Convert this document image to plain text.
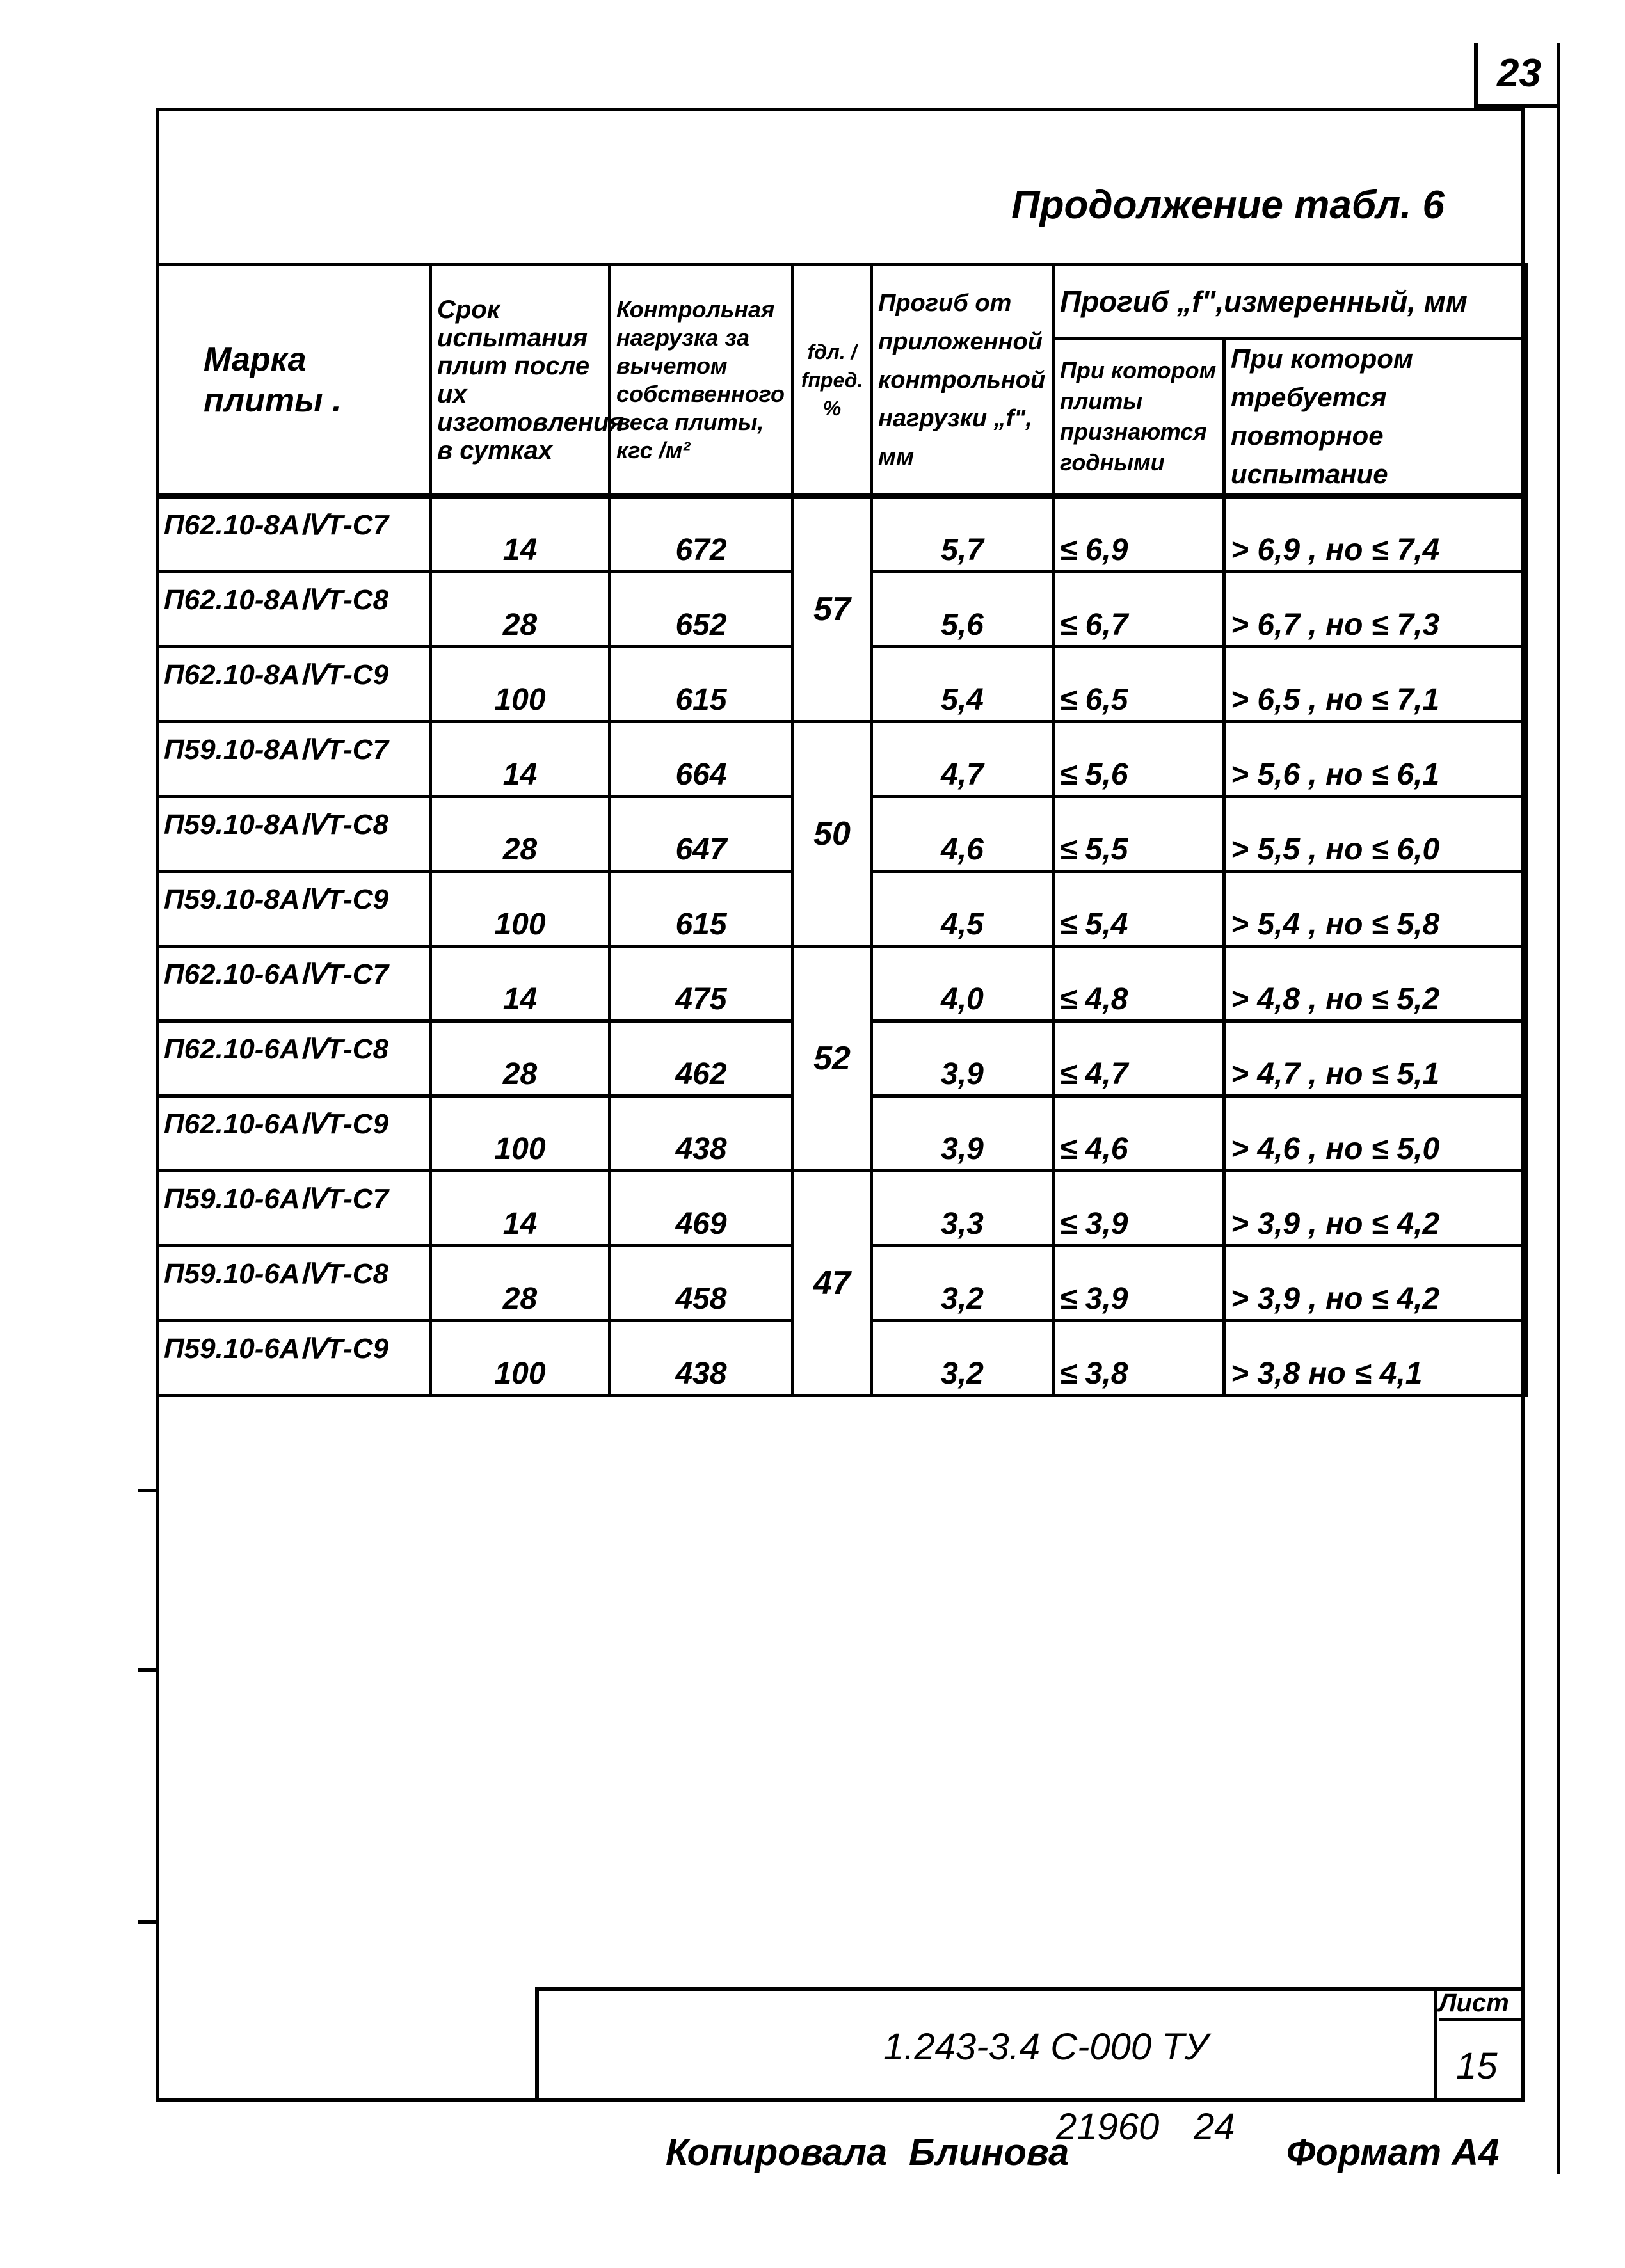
23
Продолжение табл. 6
Марка плиты .	Срок испытания плит после их изготовления в сутках	Контрольная нагрузка за вычетом собственного веса плиты, кгс /м²	fдл. / fпред. %	Прогиб от приложенной контрольной нагрузки „f", мм	Прогиб „f",измеренный, мм	
					При котором плиты признаются годными	При котором требуется повторное испытание
П62.10-8AⅣТ-С7	14	672	57	5,7	≤ 6,9	> 6,9 , но ≤ 7,4
П62.10-8AⅣТ-С8	28	652		5,6	≤ 6,7	> 6,7 , но ≤ 7,3
П62.10-8AⅣТ-С9	100	615		5,4	≤ 6,5	> 6,5 , но ≤ 7,1
П59.10-8AⅣТ-С7	14	664	50	4,7	≤ 5,6	> 5,6 , но ≤ 6,1
П59.10-8AⅣТ-С8	28	647		4,6	≤ 5,5	> 5,5 , но ≤ 6,0
П59.10-8AⅣТ-С9	100	615		4,5	≤ 5,4	> 5,4 , но ≤ 5,8
П62.10-6AⅣТ-С7	14	475	52	4,0	≤ 4,8	> 4,8 , но ≤ 5,2
П62.10-6AⅣТ-С8	28	462		3,9	≤ 4,7	> 4,7 , но ≤ 5,1
П62.10-6AⅣТ-С9	100	438		3,9	≤ 4,6	> 4,6 , но ≤ 5,0
П59.10-6AⅣТ-С7	14	469	47	3,3	≤ 3,9	> 3,9 , но ≤ 4,2
П59.10-6AⅣТ-С8	28	458		3,2	≤ 3,9	> 3,9 , но ≤ 4,2
П59.10-6AⅣТ-С9	100	438		3,2	≤ 3,8	> 3,8 но ≤ 4,1
1.243-3.4 С-000 ТУ
Лист
15
Копировала Блинова
21960 24
Формат А4
